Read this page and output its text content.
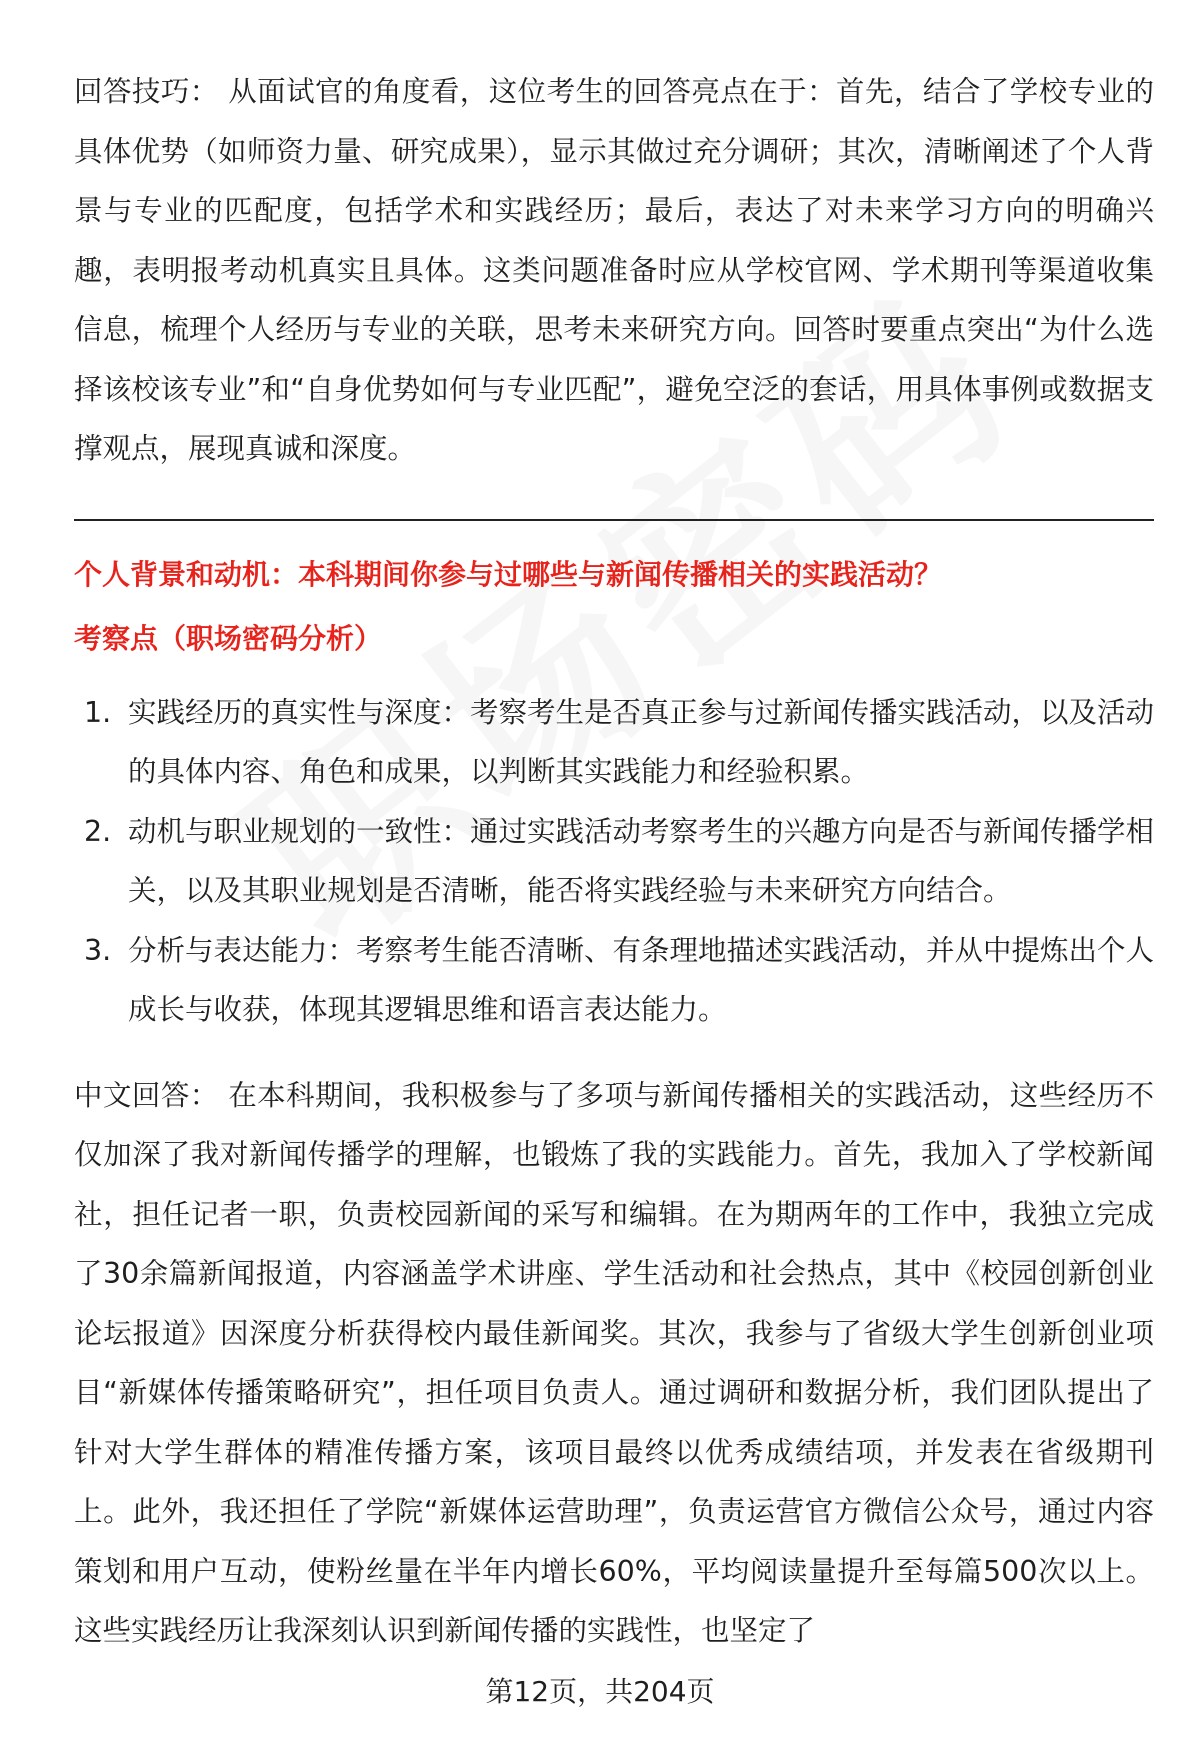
回答技巧： 从面试官的角度看，这位考生的回答亮点在于：首先，结合了学校专业的具体优势（如师资力量、研究成果），显示其做过充分调研；其次，清晰阐述了个人背景与专业的匹配度，包括学术和实践经历；最后，表达了对未来学习方向的明确兴趣，表明报考动机真实且具体。这类问题准备时应从学校官网、学术期刊等渠道收集信息，梳理个人经历与专业的关联，思考未来研究方向。回答时要重点突出“为什么选择该校该专业”和“自身优势如何与专业匹配”，避免空泛的套话，用具体事例或数据支撑观点，展现真诚和深度。

个人背景和动机：本科期间你参与过哪些与新闻传播相关的实践活动？

考察点（职场密码分析）

1. 实践经历的真实性与深度：考察考生是否真正参与过新闻传播实践活动，以及活动的具体内容、角色和成果，以判断其实践能力和经验积累。
2. 动机与职业规划的一致性：通过实践活动考察考生的兴趣方向是否与新闻传播学相关，以及其职业规划是否清晰，能否将实践经验与未来研究方向结合。
3. 分析与表达能力：考察考生能否清晰、有条理地描述实践活动，并从中提炼出个人成长与收获，体现其逻辑思维和语言表达能力。

中文回答： 在本科期间，我积极参与了多项与新闻传播相关的实践活动，这些经历不仅加深了我对新闻传播学的理解，也锻炼了我的实践能力。首先，我加入了学校新闻社，担任记者一职，负责校园新闻的采写和编辑。在为期两年的工作中，我独立完成了30余篇新闻报道，内容涵盖学术讲座、学生活动和社会热点，其中《校园创新创业论坛报道》因深度分析获得校内最佳新闻奖。其次，我参与了省级大学生创新创业项目“新媒体传播策略研究”，担任项目负责人。通过调研和数据分析，我们团队提出了针对大学生群体的精准传播方案，该项目最终以优秀成绩结项，并发表在省级期刊上。此外，我还担任了学院“新媒体运营助理”，负责运营官方微信公众号，通过内容策划和用户互动，使粉丝量在半年内增长60%，平均阅读量提升至每篇500次以上。这些实践经历让我深刻认识到新闻传播的实践性，也坚定了

第12页，共204页
